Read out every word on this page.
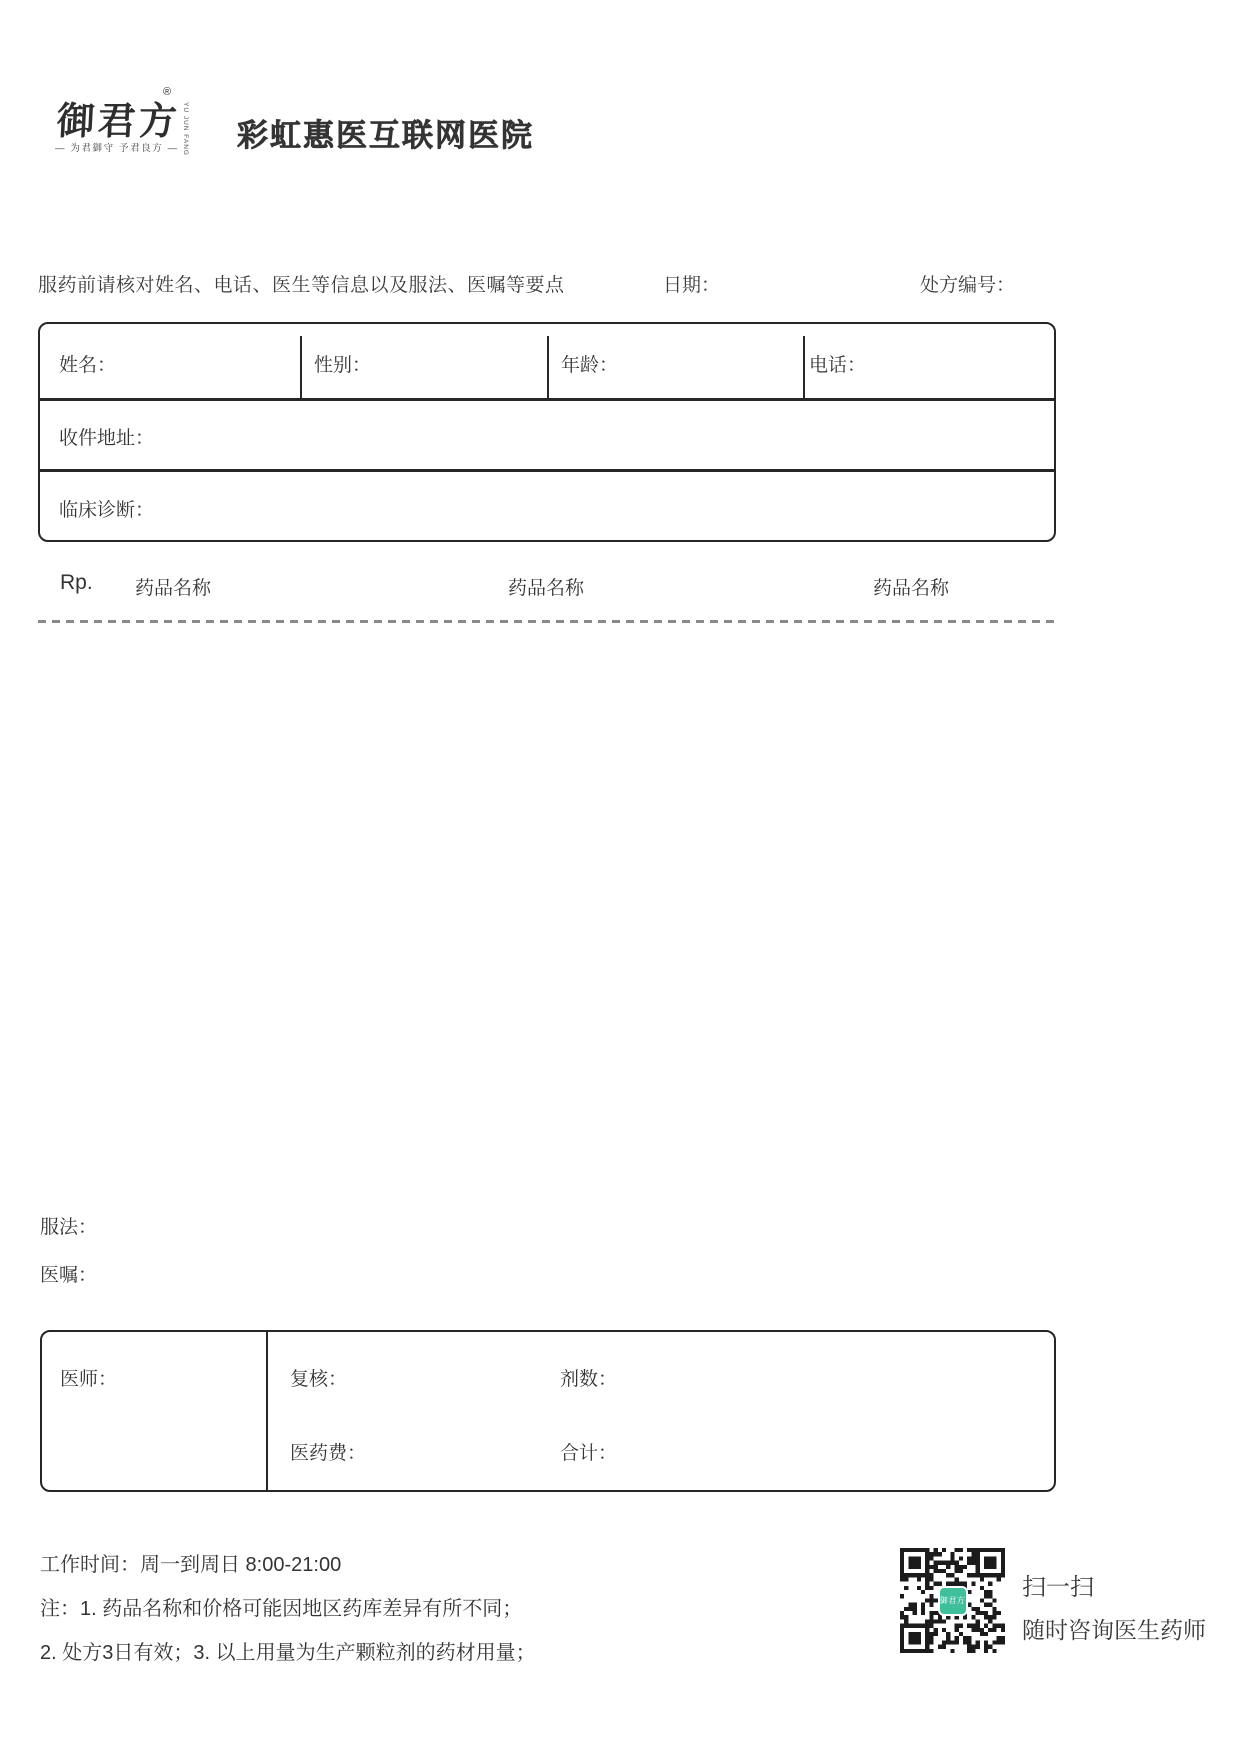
御君方
®
YU JUN FANG
— 为君御守 予君良方 —	彩虹惠医互联网医院
服药前请核对姓名、电话、医生等信息以及服法、医嘱等要点	日期：	处方编号：
姓名：	性别：	年龄：	电话：
收件地址：
临床诊断：
Rp. 药品名称	药品名称	药品名称
服法：
医嘱：
医师：	复核：	剂数：
医药费：	合计：
工作时间：周一到周日 8:00-21:00
注：1. 药品名称和价格可能因地区药库差异有所不同；
2. 处方3日有效；3. 以上用量为生产颗粒剂的药材用量；
御君方 扫一扫
随时咨询医生药师
